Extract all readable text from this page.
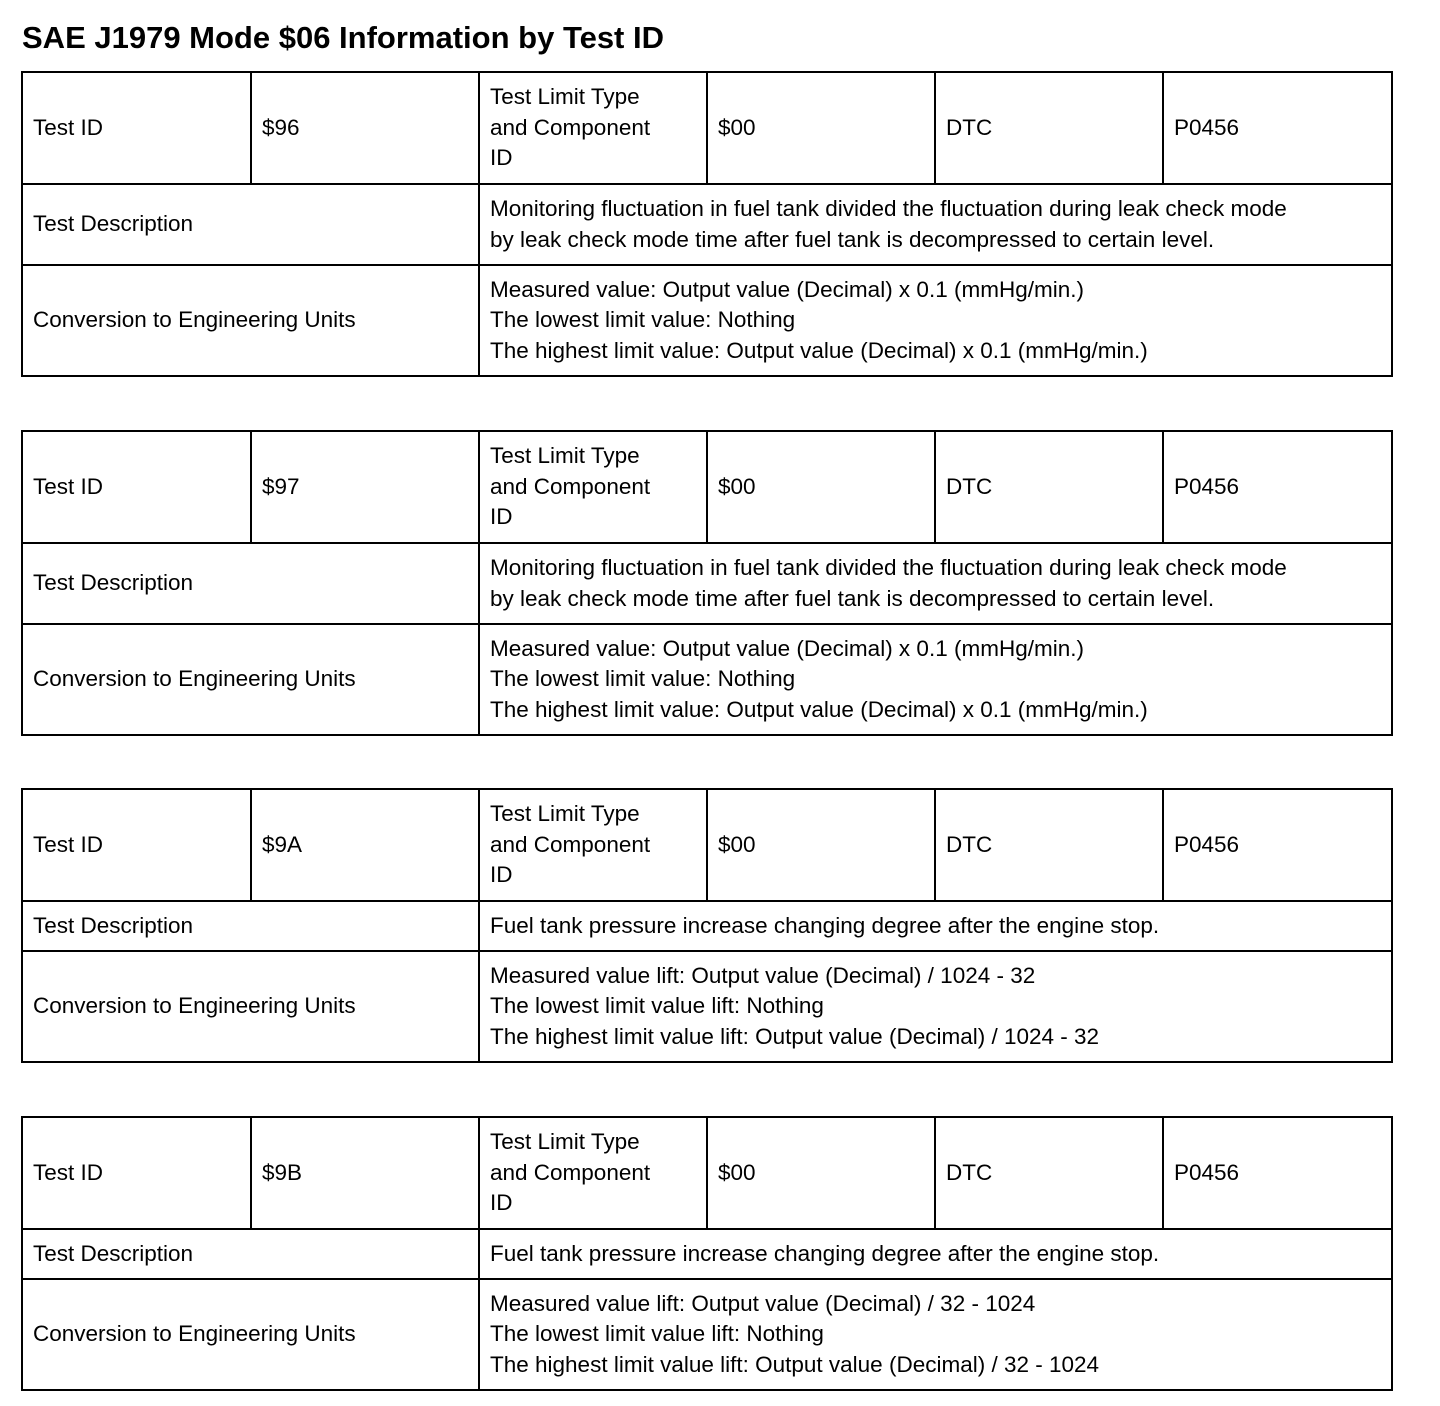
SAE J1979 Mode $06 Information by Test ID
Test ID	$96	Test Limit Type
and Component
ID	$00	DTC	P0456
Test Description		Monitoring fluctuation in fuel tank divided the fluctuation during leak check mode
by leak check mode time after fuel tank is decompressed to certain level.			
Conversion to Engineering Units		Measured value: Output value (Decimal) x 0.1 (mmHg/min.)
The lowest limit value: Nothing
The highest limit value: Output value (Decimal) x 0.1 (mmHg/min.)			
Test ID	$97	Test Limit Type
and Component
ID	$00	DTC	P0456
Test Description		Monitoring fluctuation in fuel tank divided the fluctuation during leak check mode
by leak check mode time after fuel tank is decompressed to certain level.			
Conversion to Engineering Units		Measured value: Output value (Decimal) x 0.1 (mmHg/min.)
The lowest limit value: Nothing
The highest limit value: Output value (Decimal) x 0.1 (mmHg/min.)			
Test ID	$9A	Test Limit Type
and Component
ID	$00	DTC	P0456
Test Description		Fuel tank pressure increase changing degree after the engine stop.			
Conversion to Engineering Units		Measured value lift: Output value (Decimal) / 1024 - 32
The lowest limit value lift: Nothing
The highest limit value lift: Output value (Decimal) / 1024 - 32			
Test ID	$9B	Test Limit Type
and Component
ID	$00	DTC	P0456
Test Description		Fuel tank pressure increase changing degree after the engine stop.			
Conversion to Engineering Units		Measured value lift: Output value (Decimal) / 32 - 1024
The lowest limit value lift: Nothing
The highest limit value lift: Output value (Decimal) / 32 - 1024			
